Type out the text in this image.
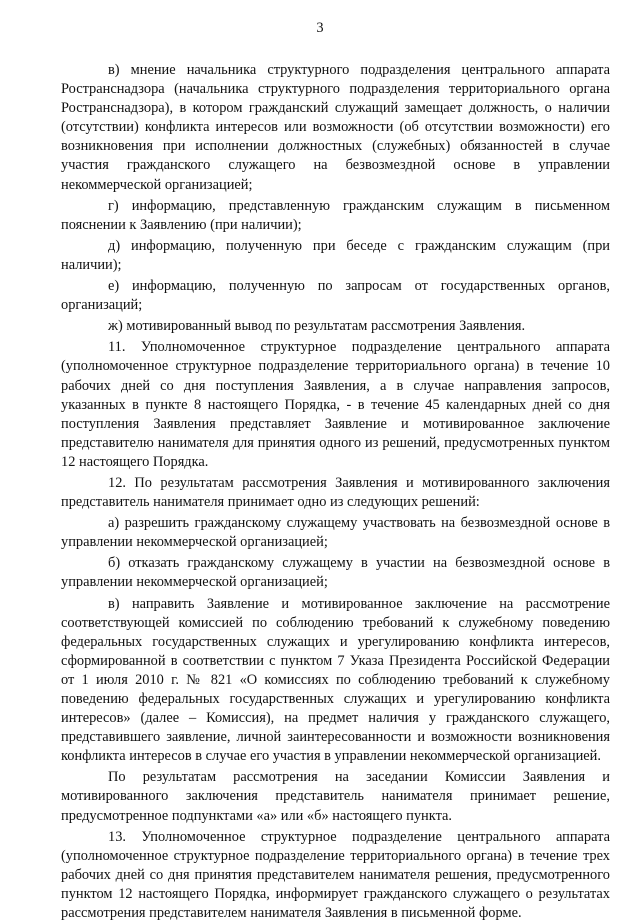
3

в) мнение начальника структурного подразделения центрального аппарата Ространснадзора (начальника структурного подразделения территориального органа Ространснадзора), в котором гражданский служащий замещает должность, о наличии (отсутствии) конфликта интересов или возможности (об отсутствии возможности) его возникновения при исполнении должностных (служебных) обязанностей в случае участия гражданского служащего на безвозмездной основе в управлении некоммерческой организацией;

г) информацию, представленную гражданским служащим в письменном пояснении к Заявлению (при наличии);

д) информацию, полученную при беседе с гражданским служащим (при наличии);

е) информацию, полученную по запросам от государственных органов, организаций;

ж) мотивированный вывод по результатам рассмотрения Заявления.

11. Уполномоченное структурное подразделение центрального аппарата (уполномоченное структурное подразделение территориального органа) в течение 10 рабочих дней со дня поступления Заявления, а в случае направления запросов, указанных в пункте 8 настоящего Порядка, - в течение 45 календарных дней со дня поступления Заявления представляет Заявление и мотивированное заключение представителю нанимателя для принятия одного из решений, предусмотренных пунктом 12 настоящего Порядка.

12. По результатам рассмотрения Заявления и мотивированного заключения представитель нанимателя принимает одно из следующих решений:

а) разрешить гражданскому служащему участвовать на безвозмездной основе в управлении некоммерческой организацией;

б) отказать гражданскому служащему в участии на безвозмездной основе в управлении некоммерческой организацией;

в) направить Заявление и мотивированное заключение на рассмотрение соответствующей комиссией по соблюдению требований к служебному поведению федеральных государственных служащих и урегулированию конфликта интересов, сформированной в соответствии с пунктом 7 Указа Президента Российской Федерации от 1 июля 2010 г. № 821 «О комиссиях по соблюдению требований к служебному поведению федеральных государственных служащих и урегулированию конфликта интересов» (далее – Комиссия), на предмет наличия у гражданского служащего, представившего заявление, личной заинтересованности и возможности возникновения конфликта интересов в случае его участия в управлении некоммерческой организацией.

По результатам рассмотрения на заседании Комиссии Заявления и мотивированного заключения представитель нанимателя принимает решение, предусмотренное подпунктами «а» или «б» настоящего пункта.

13. Уполномоченное структурное подразделение центрального аппарата (уполномоченное структурное подразделение территориального органа) в течение трех рабочих дней со дня принятия представителем нанимателя решения, предусмотренного пунктом 12 настоящего Порядка, информирует гражданского служащего о результатах рассмотрения представителем нанимателя Заявления в письменной форме.
